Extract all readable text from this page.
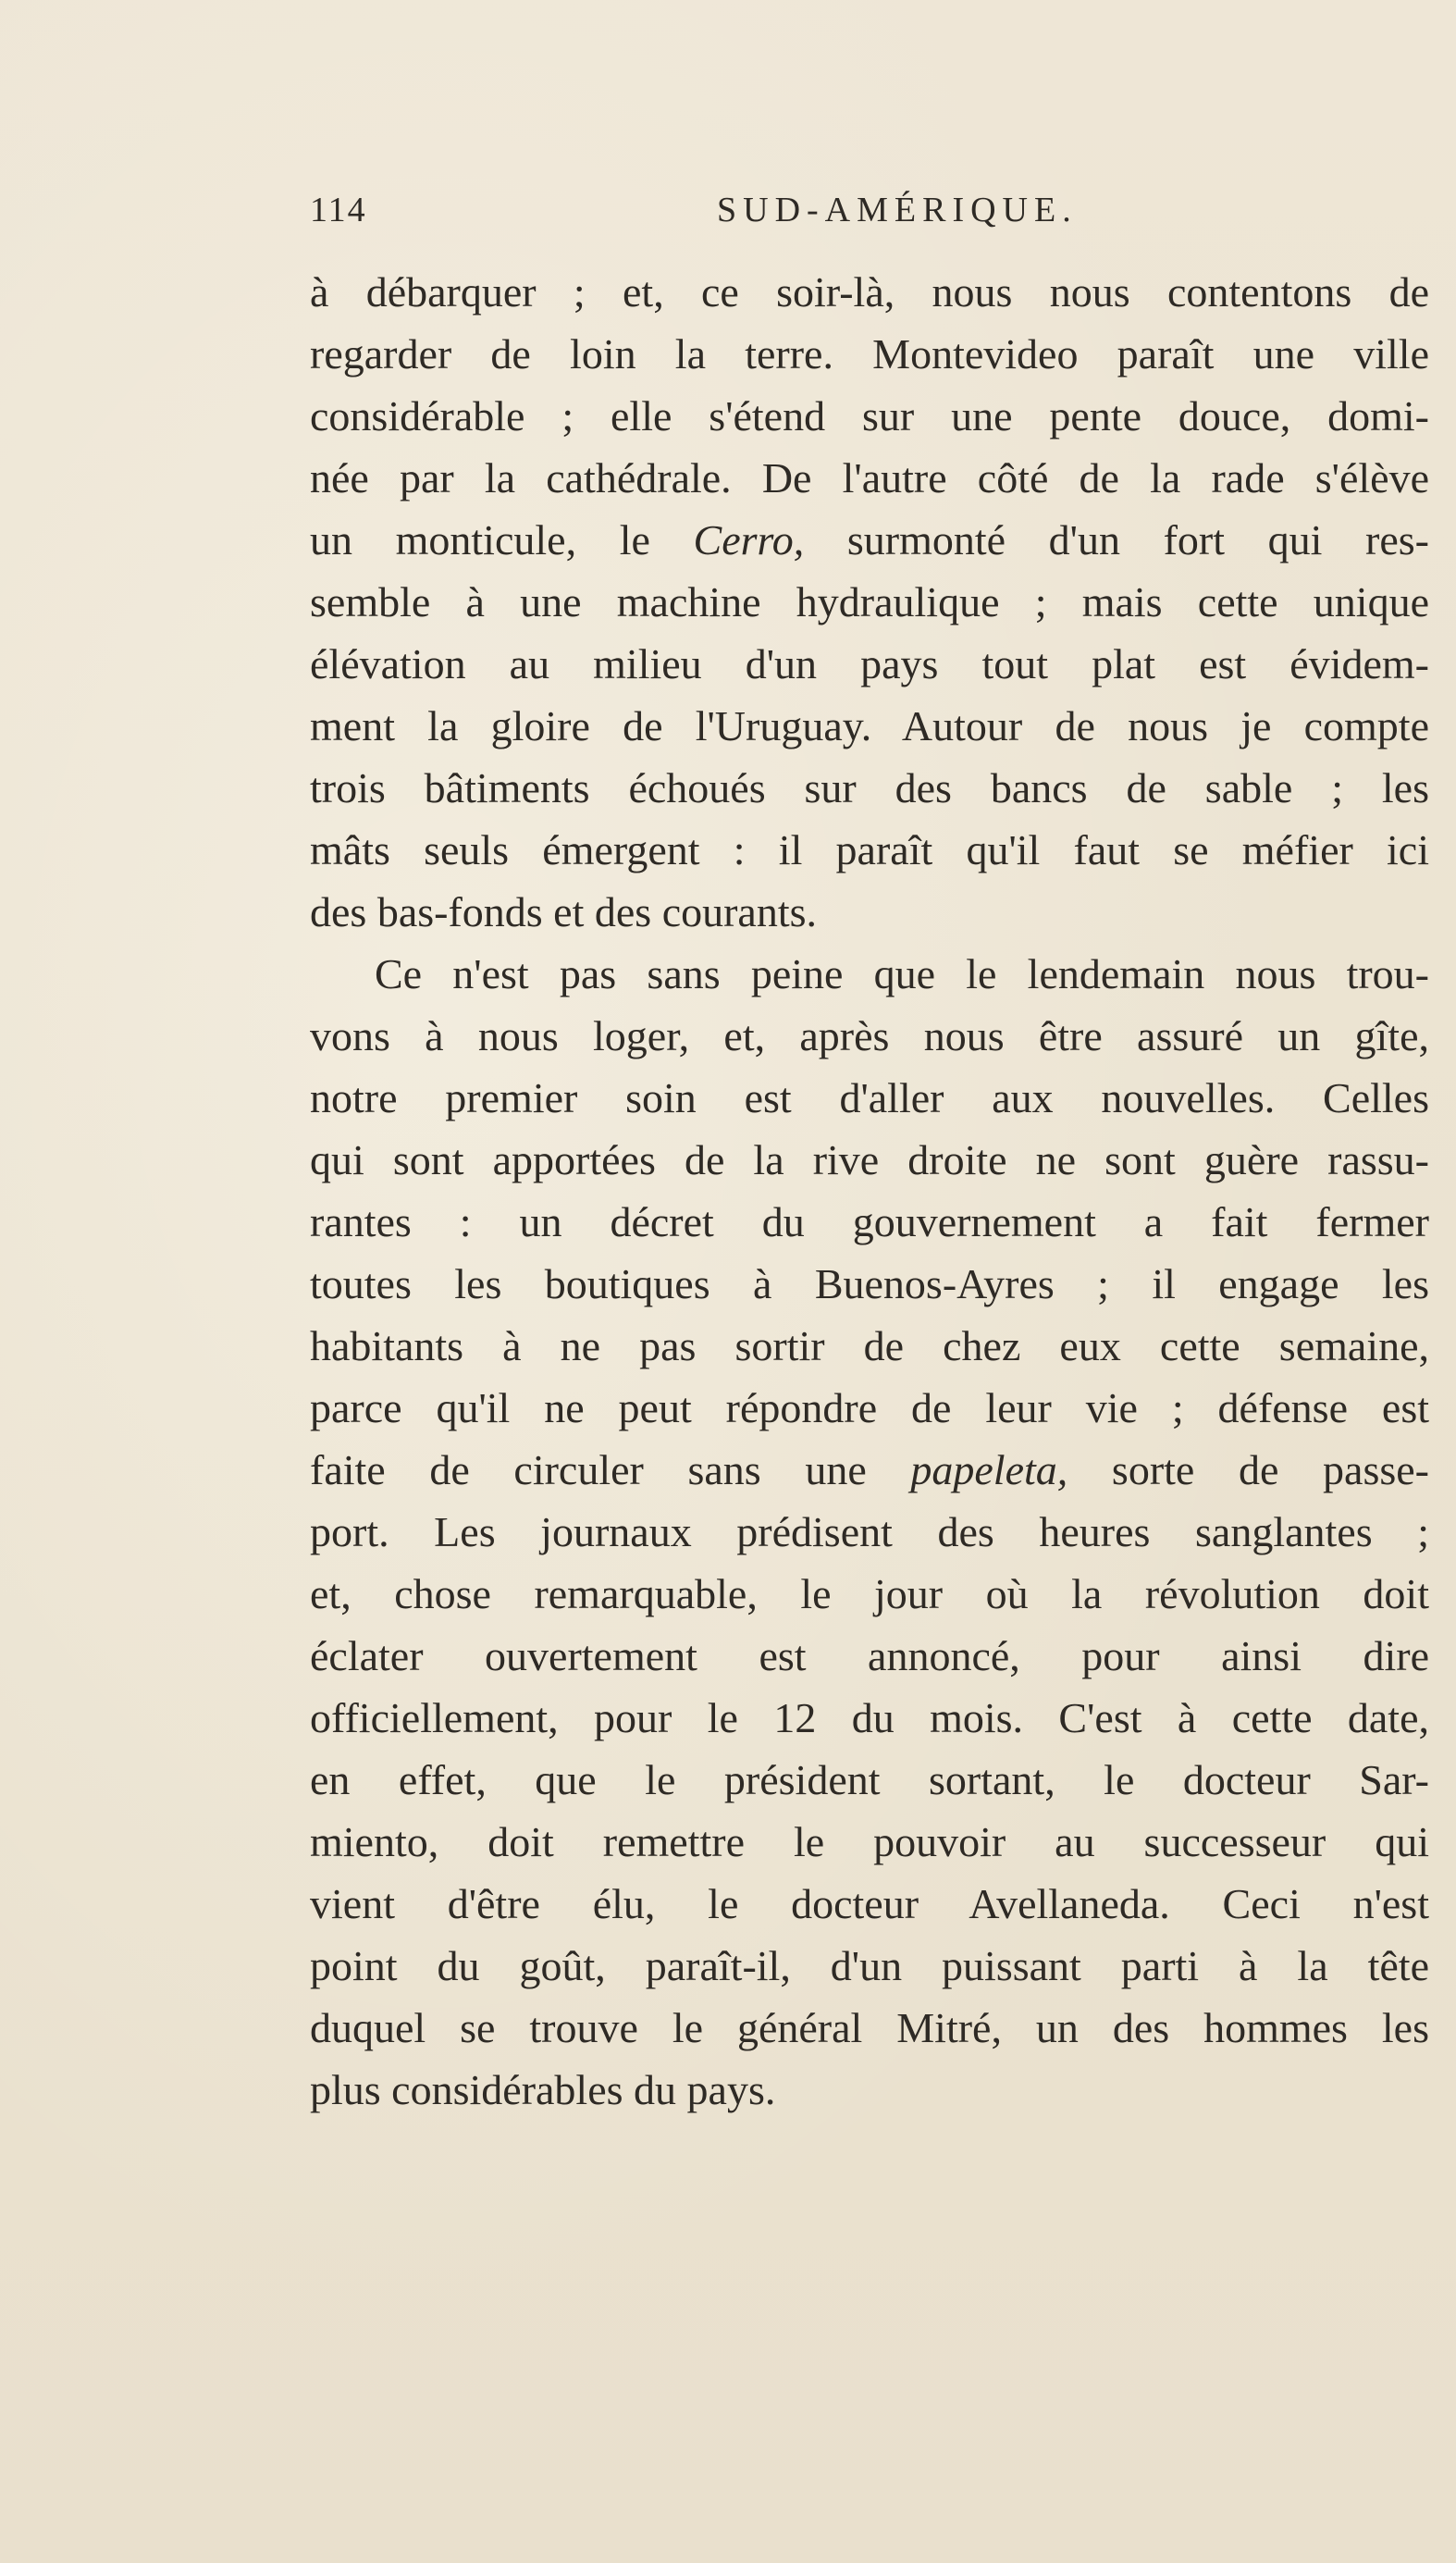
114	SUD-AMÉRIQUE.
à débarquer ; et, ce soir-là, nous nous contentons de
regarder de loin la terre. Montevideo paraît une ville
considérable ; elle s'étend sur une pente douce, domi-
née par la cathédrale. De l'autre côté de la rade s'élève
un monticule, le Cerro, surmonté d'un fort qui res-
semble à une machine hydraulique ; mais cette unique
élévation au milieu d'un pays tout plat est évidem-
ment la gloire de l'Uruguay. Autour de nous je compte
trois bâtiments échoués sur des bancs de sable ; les
mâts seuls émergent : il paraît qu'il faut se méfier ici
des bas-fonds et des courants.
Ce n'est pas sans peine que le lendemain nous trou-
vons à nous loger, et, après nous être assuré un gîte,
notre premier soin est d'aller aux nouvelles. Celles
qui sont apportées de la rive droite ne sont guère rassu-
rantes : un décret du gouvernement a fait fermer
toutes les boutiques à Buenos-Ayres ; il engage les
habitants à ne pas sortir de chez eux cette semaine,
parce qu'il ne peut répondre de leur vie ; défense est
faite de circuler sans une papeleta, sorte de passe-
port. Les journaux prédisent des heures sanglantes ;
et, chose remarquable, le jour où la révolution doit
éclater ouvertement est annoncé, pour ainsi dire
officiellement, pour le 12 du mois. C'est à cette date,
en effet, que le président sortant, le docteur Sar-
miento, doit remettre le pouvoir au successeur qui
vient d'être élu, le docteur Avellaneda. Ceci n'est
point du goût, paraît-il, d'un puissant parti à la tête
duquel se trouve le général Mitré, un des hommes les
plus considérables du pays.
